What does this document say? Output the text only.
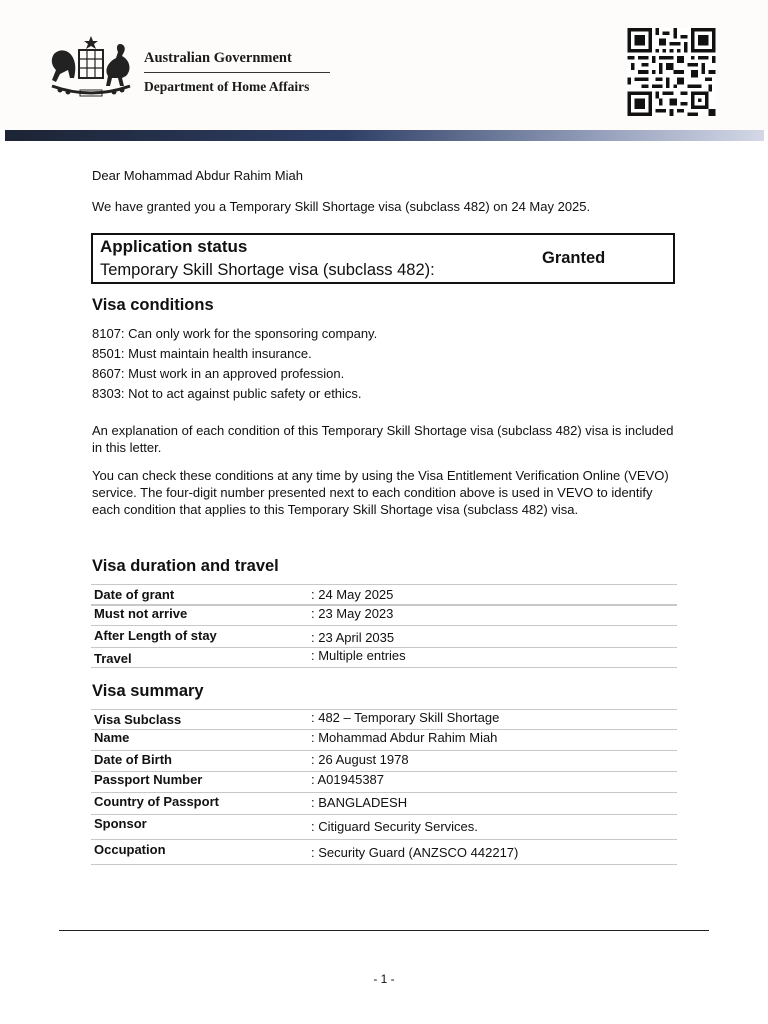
Australian Government
Department of Home Affairs

Dear Mohammad Abdur Rahim Miah

We have granted you a Temporary Skill Shortage visa (subclass 482) on 24 May 2025.

Application status
Temporary Skill Shortage visa (subclass 482):
Granted
Visa conditions
8107: Can only work for the sponsoring company.
8501: Must maintain health insurance.
8607: Must work in an approved profession.
8303: Not to act against public safety or ethics.

An explanation of each condition of this Temporary Skill Shortage visa (subclass 482) visa is included in this letter.

You can check these conditions at any time by using the Visa Entitlement Verification Online (VEVO) service. The four-digit number presented next to each condition above is used in VEVO to identify each condition that applies to this Temporary Skill Shortage visa (subclass 482) visa.

Visa duration and travel
Date of grant	: 24 May 2025
Must not arrive	: 23 May 2023
After Length of stay	: 23 April 2035
Travel	: Multiple entries
Visa summary
Visa Subclass	: 482 – Temporary Skill Shortage
Name	: Mohammad Abdur Rahim Miah
Date of Birth	: 26 August 1978
Passport Number	: A01945387
Country of Passport	: BANGLADESH
Sponsor	: Citiguard Security Services.
Occupation	: Security Guard (ANZSCO 442217)
- 1 -
